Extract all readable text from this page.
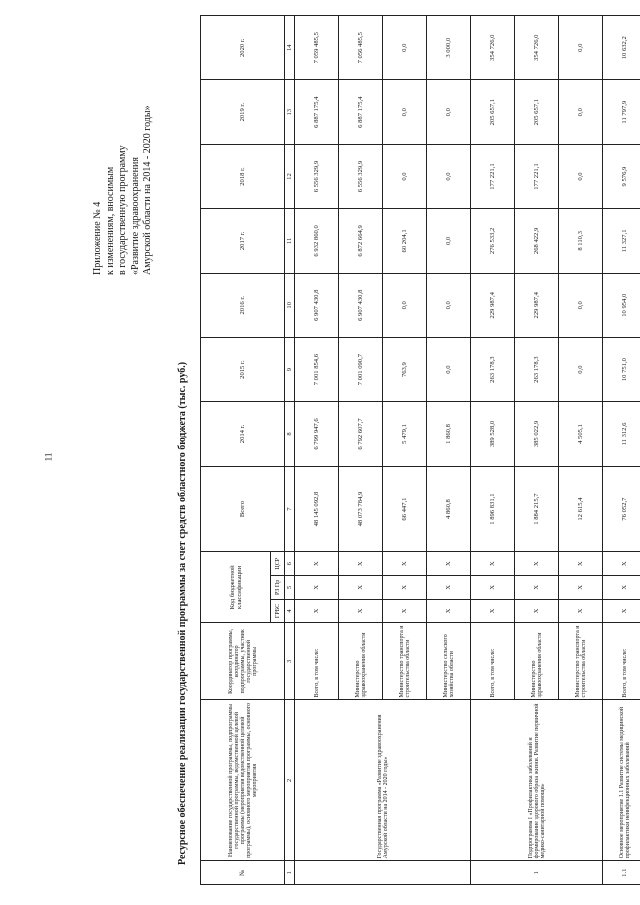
11
Приложение № 4 к изменениям, вносимым в государственную программу «Развитие здравоохранения Амурской области на 2014 - 2020 годы»
Ресурсное обеспечение реализации государственной программы за счет средств областного бюджета (тыс. руб.)
№	Наименование государственной программы, подпрограммы государственной программы, ведомственной целевой программы (мероприятия ведомственной целевой программы), основного мероприятия программы, основного мероприятия	Координатор программы, координатор подпрограммы, участник государственной программы	Код бюджетной классификации			Всего	2014 г.	2015 г.	2016 г.	2017 г.	2018 г.	2019 г.	2020 г.
			ГРБС	РЗ Пр	ЦСР								
1	2	3	4	5	6	7	8	9	10	11	12	13	14
	Государственная программа «Развитие здравоохранения Амурской области на 2014 - 2020 годы»	Всего, в том числе:	X	X	X	48 145 092,8	6 799 947,6	7 001 854,6	6 907 430,8	6 932 860,0	6 556 329,9	6 887 175,4	7 059 485,5
		Министерство здравоохранения области	X	X	X	48 073 784,9	6 792 607,7	7 001 090,7	6 907 430,8	6 872 664,9	6 556 329,9	6 887 175,4	7 056 485,5
		Министерство транспорта и строительства области	X	X	X	66 447,1	5 479,1	763,9	0,0	60 204,1	0,0	0,0	0,0
		Министерство сельского хозяйства области	X	X	X	4 860,8	1 860,8	0,0	0,0	0,0	0,0	0,0	3 000,0
1	Подпрограмма I «Профилактика заболеваний и формирование здорового образа жизни. Развитие первичной медико-санитарной помощи»	Всего, в том числе:	X	X	X	1 896 831,1	389 528,0	263 178,3	229 987,4	276 533,2	177 221,1	205 657,1	354 726,0
		Министерство здравоохранения области	X	X	X	1 884 215,7	385 022,9	263 178,3	229 987,4	268 422,9	177 221,1	205 657,1	354 726,0
		Министерство транспорта и строительства области	X	X	X	12 615,4	4 505,1	0,0	0,0	8 110,3	0,0	0,0	0,0
1.1	Основное мероприятие 1.1 Развитие системы медицинской профилактики неинфекционных заболеваний	Всего, в том числе:	X	X	X	76 052,7	11 312,6	10 751,0	10 954,0	11 327,1	9 576,9	11 797,9	10 632,2
